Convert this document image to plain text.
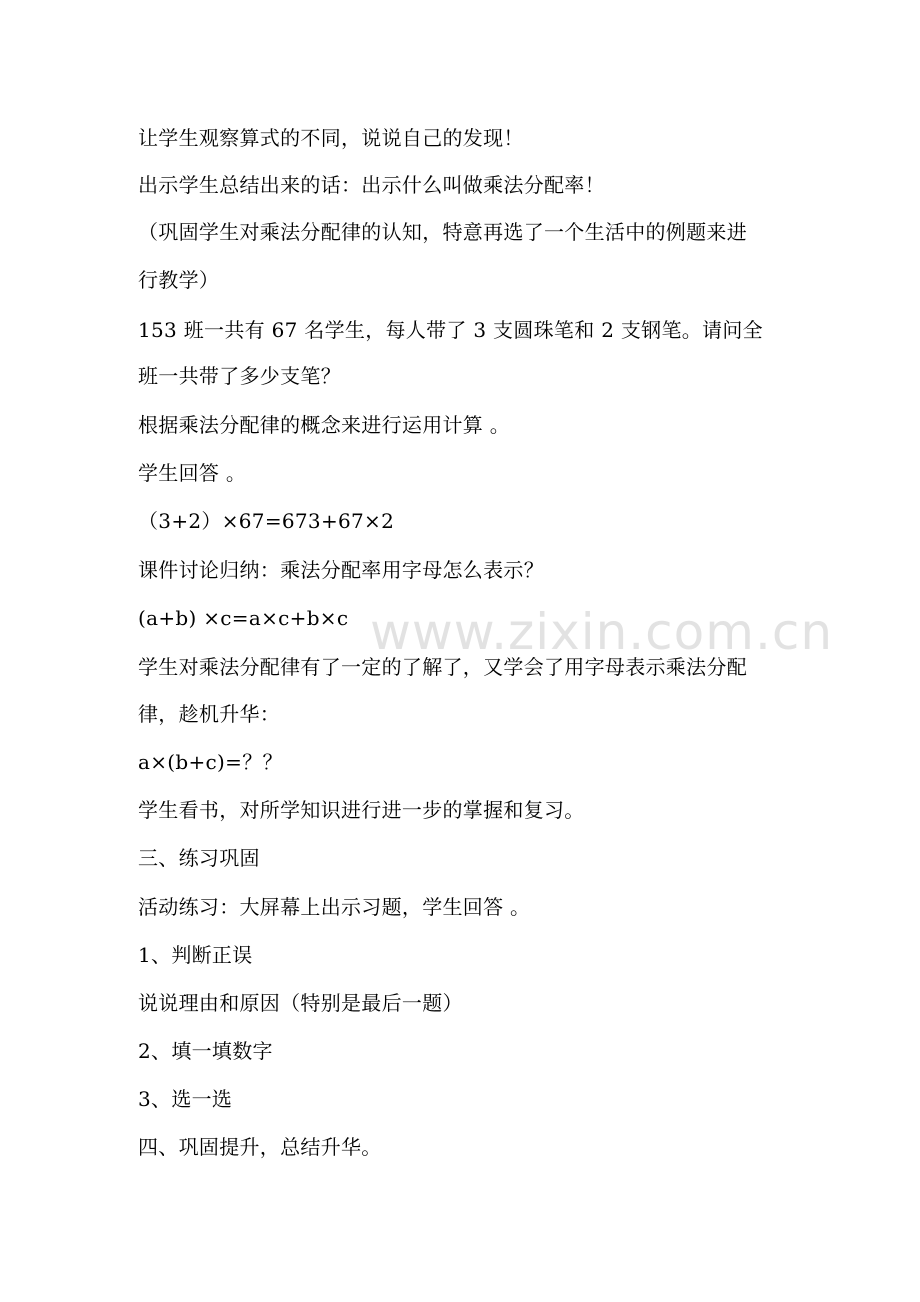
让学生观察算式的不同，说说自己的发现！
出示学生总结出来的话：出示什么叫做乘法分配率！
（巩固学生对乘法分配律的认知，特意再选了一个生活中的例题来进
行教学）
153 班一共有 67 名学生，每人带了 3 支圆珠笔和 2 支钢笔。请问全
班一共带了多少支笔？
根据乘法分配律的概念来进行运用计算 。
学生回答 。
（3+2）×67=673+67×2
课件讨论归纳：乘法分配率用字母怎么表示？
(a+b) ×c=a×c+b×c
学生对乘法分配律有了一定的了解了，又学会了用字母表示乘法分配
律，趁机升华：
a×(b+c)=？？
学生看书，对所学知识进行进一步的掌握和复习。
三、练习巩固
活动练习：大屏幕上出示习题，学生回答 。
1、判断正误
说说理由和原因（特别是最后一题）
2、填一填数字
3、选一选
四、巩固提升，总结升华。
www.zixin.com.cn
